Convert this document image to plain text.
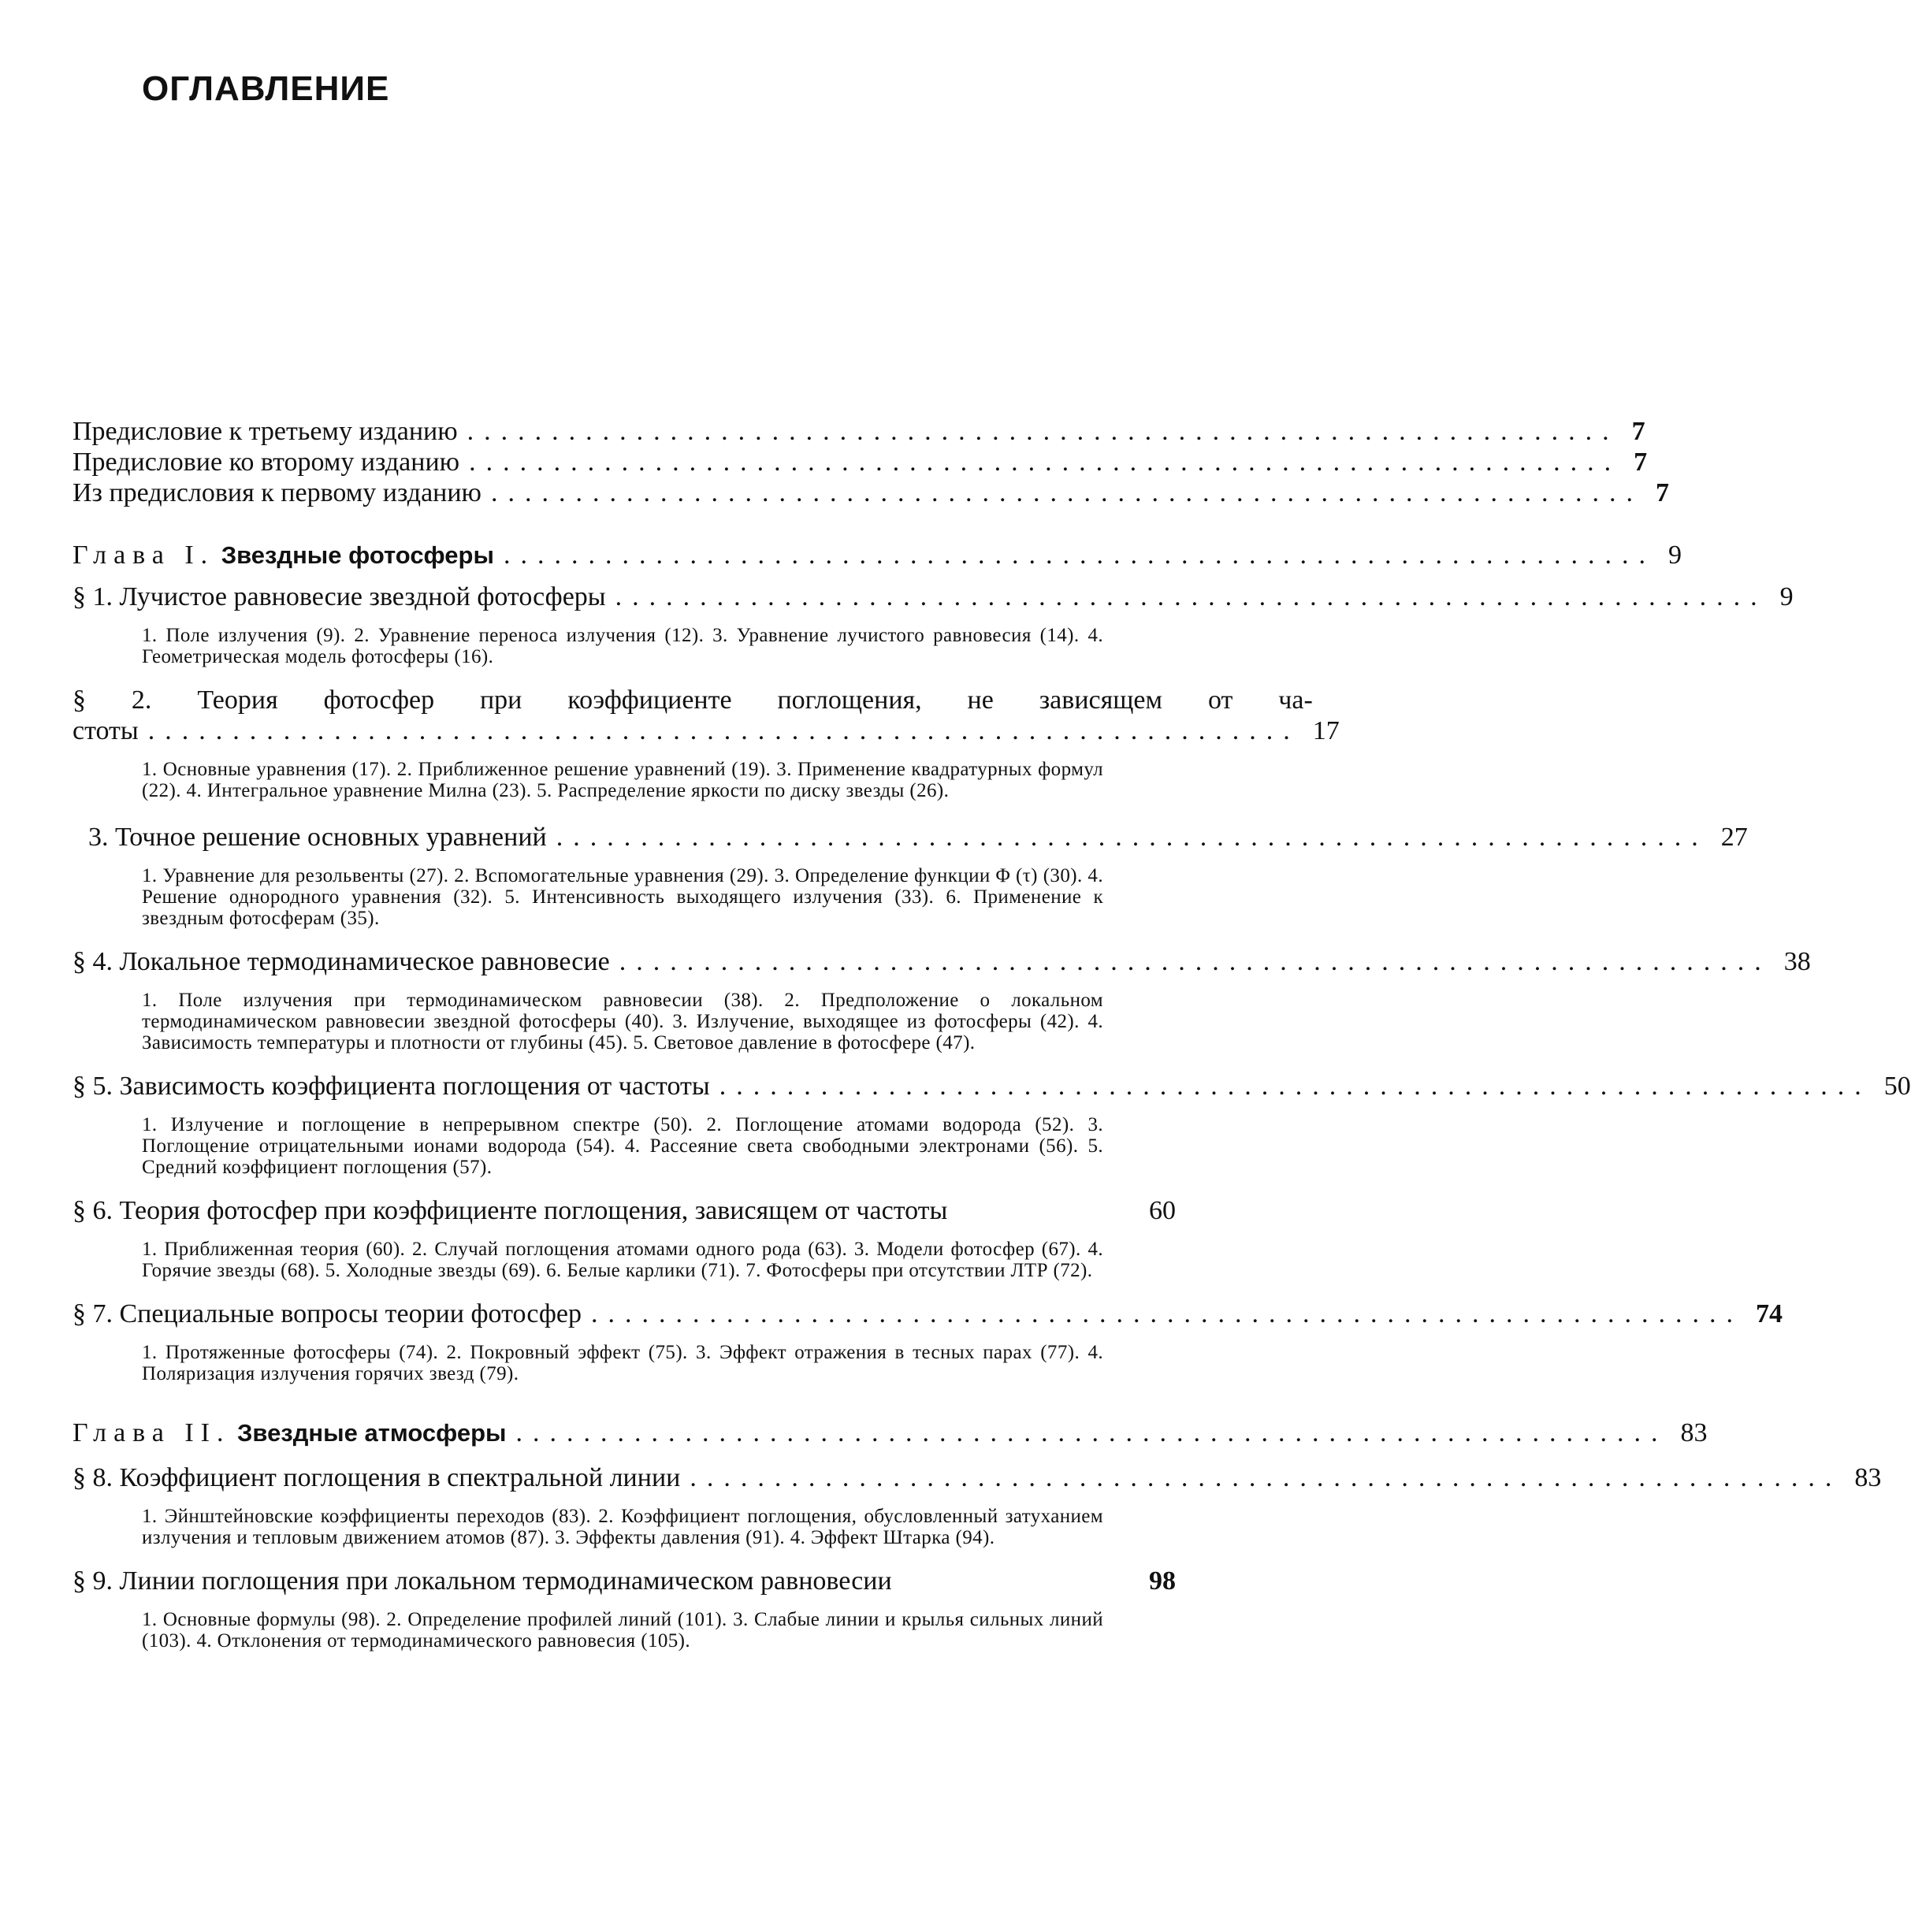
ОГЛАВЛЕНИЕ
Предисловие к третьему изданию .................................................................... 7
Предисловие ко второму изданию .................................................................... 7
Из предисловия к первому изданию .................................................................... 7
Глава I. Звездные фотосферы .................................................................... 9
§ 1. Лучистое равновесие звездной фотосферы .................................................................... 9
1. Поле излучения (9). 2. Уравнение переноса излучения (12). 3. Уравнение лучистого равновесия (14). 4. Геометрическая модель фотосферы (16).
§ 2. Теория фотосфер при коэффициенте поглощения, не зависящем от ча-
стоты .................................................................... 17
1. Основные уравнения (17). 2. Приближенное решение уравнений (19). 3. Применение квадратурных формул (22). 4. Интегральное уравнение Милна (23). 5. Распределение яркости по диску звезды (26).
3. Точное решение основных уравнений .................................................................... 27
1. Уравнение для резольвенты (27). 2. Вспомогательные уравнения (29). 3. Определение функции Φ (τ) (30). 4. Решение однородного уравнения (32). 5. Интенсивность выходящего излучения (33). 6. Применение к звездным фотосферам (35).
§ 4. Локальное термодинамическое равновесие .................................................................... 38
1. Поле излучения при термодинамическом равновесии (38). 2. Предположение о локальном термодинамическом равновесии звездной фотосферы (40). 3. Излучение, выходящее из фотосферы (42). 4. Зависимость температуры и плотности от глубины (45). 5. Световое давление в фотосфере (47).
§ 5. Зависимость коэффициента поглощения от частоты .................................................................... 50
1. Излучение и поглощение в непрерывном спектре (50). 2. Поглощение атомами водорода (52). 3. Поглощение отрицательными ионами водорода (54). 4. Рассеяние света свободными электронами (56). 5. Средний коэффициент поглощения (57).
§ 6. Теория фотосфер при коэффициенте поглощения, зависящем от частоты	60
1. Приближенная теория (60). 2. Случай поглощения атомами одного рода (63). 3. Модели фотосфер (67). 4. Горячие звезды (68). 5. Холодные звезды (69). 6. Белые карлики (71). 7. Фотосферы при отсутствии ЛТР (72).
§ 7. Специальные вопросы теории фотосфер .................................................................... 74
1. Протяженные фотосферы (74). 2. Покровный эффект (75). 3. Эффект отражения в тесных парах (77). 4. Поляризация излучения горячих звезд (79).
Глава II. Звездные атмосферы .................................................................... 83
§ 8. Коэффициент поглощения в спектральной линии .................................................................... 83
1. Эйнштейновские коэффициенты переходов (83). 2. Коэффициент поглощения, обусловленный затуханием излучения и тепловым движением атомов (87). 3. Эффекты давления (91). 4. Эффект Штарка (94).
§ 9. Линии поглощения при локальном термодинамическом равновесии	98
1. Основные формулы (98). 2. Определение профилей линий (101). 3. Слабые линии и крылья сильных линий (103). 4. Отклонения от термодинамического равновесия (105).
